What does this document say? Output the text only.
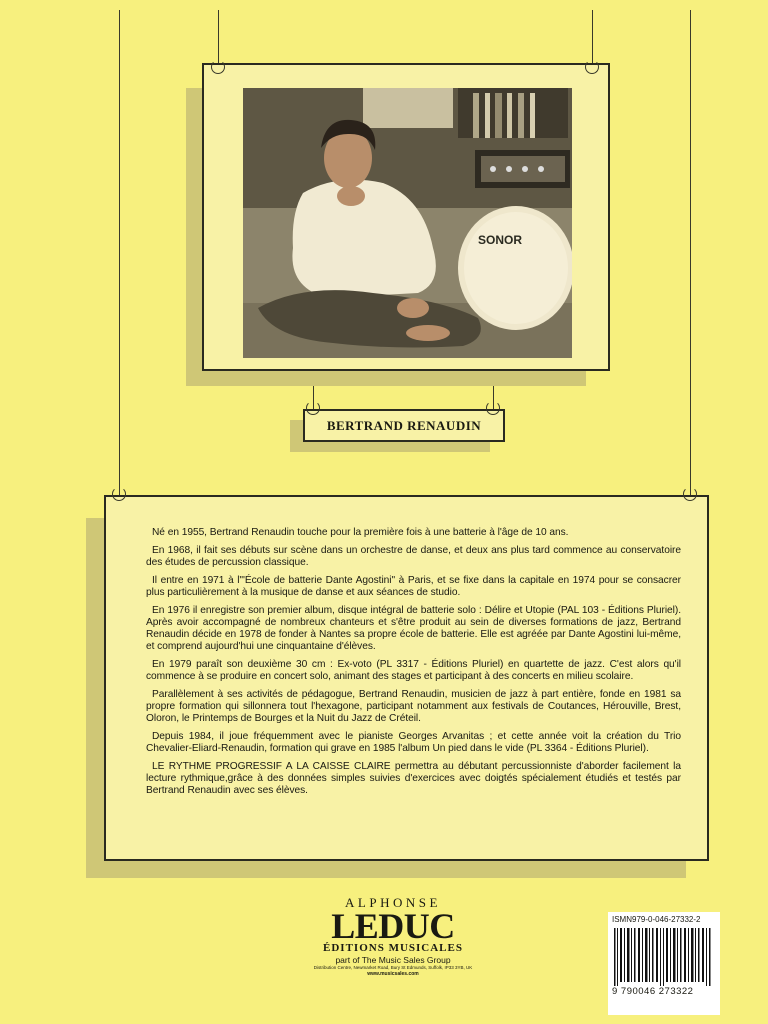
SONOR
BERTRAND RENAUDIN

Né en 1955, Bertrand Renaudin touche pour la première fois à une batterie à l'âge de 10 ans.

En 1968, il fait ses débuts sur scène dans un orchestre de danse, et deux ans plus tard commence au conservatoire des études de percussion classique.

Il entre en 1971 à l'"École de batterie Dante Agostini" à Paris, et se fixe dans la capitale en 1974 pour se consacrer plus particulièrement à la musique de danse et aux séances de studio.

En 1976 il enregistre son premier album, disque intégral de batterie solo : Délire et Utopie (PAL 103 - Éditions Pluriel). Après avoir accompagné de nombreux chanteurs et s'être produit au sein de diverses formations de jazz, Bertrand Renaudin décide en 1978 de fonder à Nantes sa propre école de batterie. Elle est agréée par Dante Agostini lui-même, et comprend aujourd'hui une cinquantaine d'élèves.

En 1979 paraît son deuxième 30 cm : Ex-voto (PL 3317 - Éditions Pluriel) en quartette de jazz. C'est alors qu'il commence à se produire en concert solo, animant des stages et participant à des concerts en milieu scolaire.

Parallèlement à ses activités de pédagogue, Bertrand Renaudin, musicien de jazz à part entière, fonde en 1981 sa propre formation qui sillonnera tout l'hexagone, participant notamment aux festivals de Coutances, Hérouville, Brest, Oloron, le Printemps de Bourges et la Nuit du Jazz de Créteil.

Depuis 1984, il joue fréquemment avec le pianiste Georges Arvanitas ; et cette année voit la création du Trio Chevalier-Eliard-Renaudin, formation qui grave en 1985 l'album Un pied dans le vide (PL 3364 - Éditions Pluriel).

LE RYTHME PROGRESSIF A LA CAISSE CLAIRE permettra au débutant percussionniste d'aborder facilement la lecture rythmique,grâce à des données simples suivies d'exercices avec doigtés spécialement étudiés et testés par Bertrand Renaudin avec ses élèves.

ALPHONSE
LEDUC
ÉDITIONS MUSICALES
part of The Music Sales Group
Distribution Centre, Newmarket Road, Bury St Edmunds, Suffolk, IP33 3YB, UK
www.musicsales.com
ISMN979-0-046-27332-2
9 790046 273322
